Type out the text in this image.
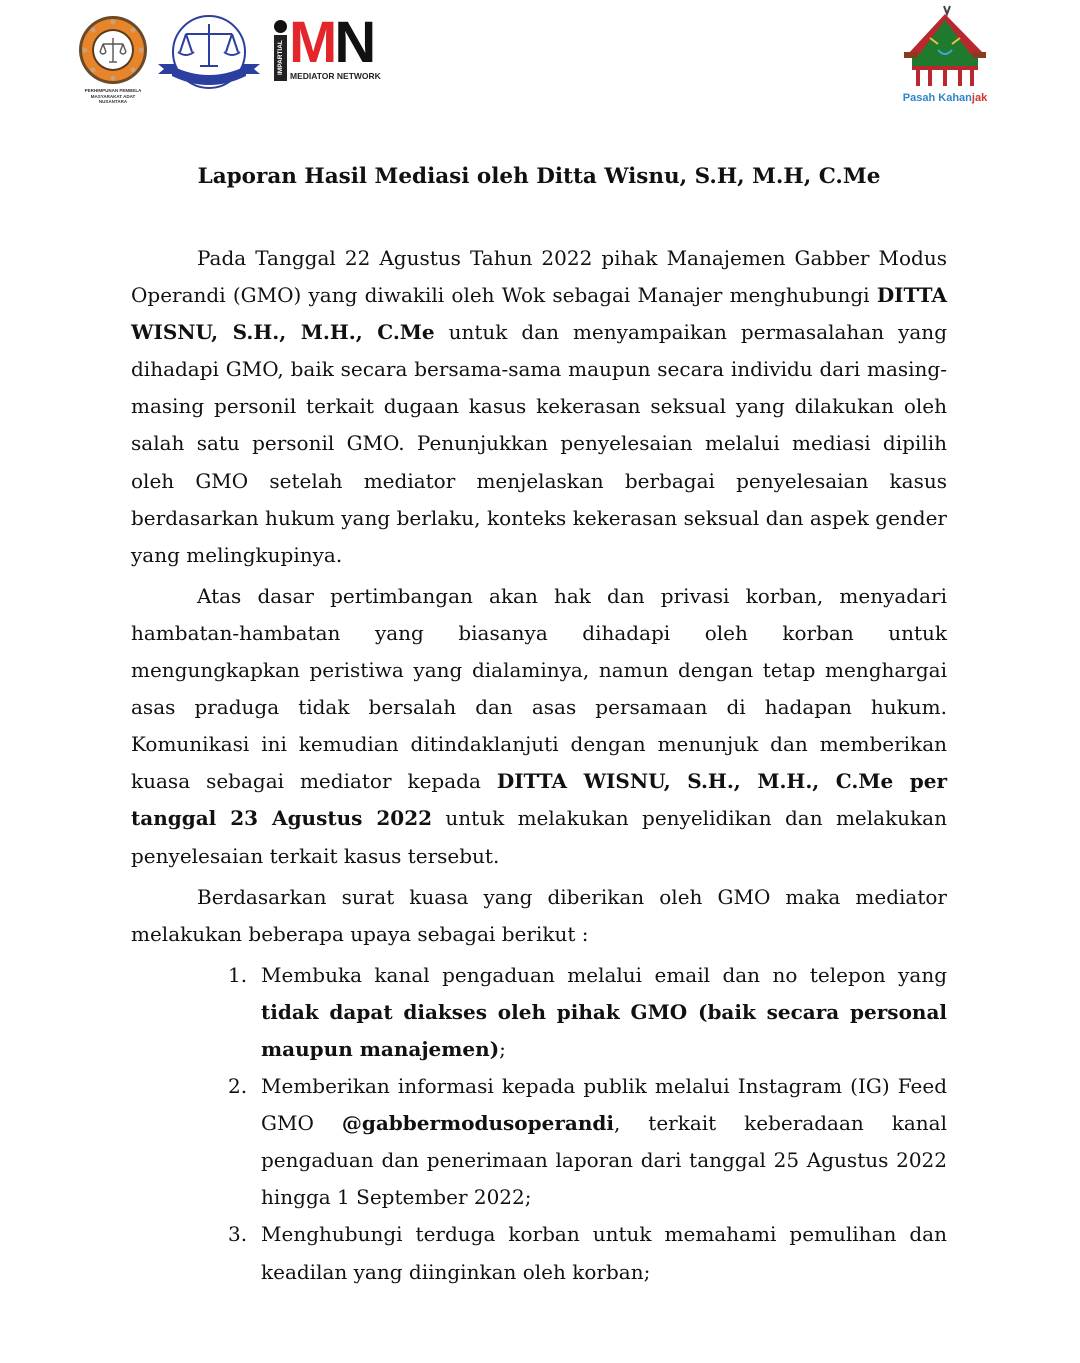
PERHIMPUNAN PEMBELA MASYARAKAT ADAT NUSANTARA
IMPARTIAL MN
MEDIATOR NETWORK
Pasah Kahanjak
Laporan Hasil Mediasi oleh Ditta Wisnu, S.H, M.H, C.Me

Pada Tanggal 22 Agustus Tahun 2022 pihak Manajemen Gabber Modus Operandi (GMO) yang diwakili oleh Wok sebagai Manajer menghubungi DITTA WISNU, S.H., M.H., C.Me untuk dan menyampaikan permasalahan yang dihadapi GMO, baik secara bersama-sama maupun secara individu dari masing-masing personil terkait dugaan kasus kekerasan seksual yang dilakukan oleh salah satu personil GMO. Penunjukkan penyelesaian melalui mediasi dipilih oleh GMO setelah mediator menjelaskan berbagai penyelesaian kasus berdasarkan hukum yang berlaku, konteks kekerasan seksual dan aspek gender yang melingkupinya.

Atas dasar pertimbangan akan hak dan privasi korban, menyadari hambatan-hambatan yang biasanya dihadapi oleh korban untuk mengungkapkan peristiwa yang dialaminya, namun dengan tetap menghargai asas praduga tidak bersalah dan asas persamaan di hadapan hukum. Komunikasi ini kemudian ditindaklanjuti dengan menunjuk dan memberikan kuasa sebagai mediator kepada DITTA WISNU, S.H., M.H., C.Me per tanggal 23 Agustus 2022 untuk melakukan penyelidikan dan melakukan penyelesaian terkait kasus tersebut.

Berdasarkan surat kuasa yang diberikan oleh GMO maka mediator melakukan beberapa upaya sebagai berikut :

1. Membuka kanal pengaduan melalui email dan no telepon yang tidak dapat diakses oleh pihak GMO (baik secara personal maupun manajemen);
2. Memberikan informasi kepada publik melalui Instagram (IG) Feed GMO @gabbermodusoperandi, terkait keberadaan kanal pengaduan dan penerimaan laporan dari tanggal 25 Agustus 2022 hingga 1 September 2022;
3. Menghubungi terduga korban untuk memahami pemulihan dan keadilan yang diinginkan oleh korban;
